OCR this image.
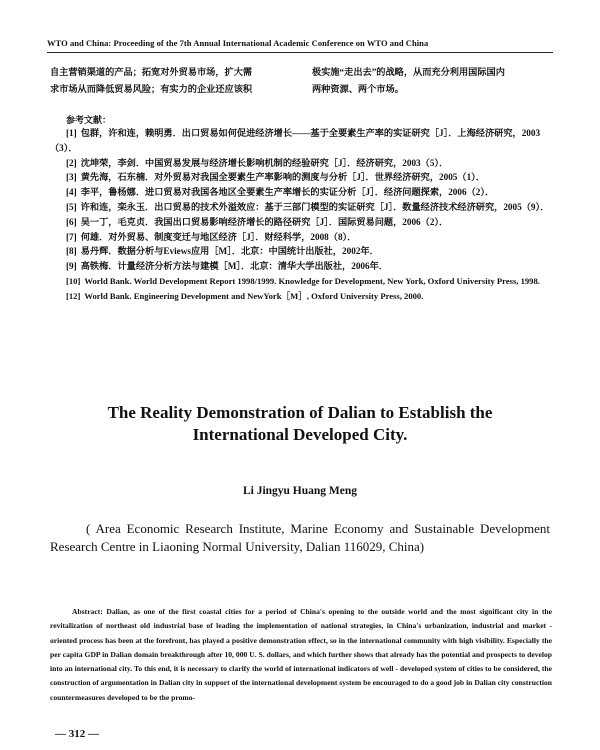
WTO and China: Proceeding of the 7th Annual International Academic Conference on WTO and China
自主营销渠道的产品；拓宽对外贸易市场，扩大需
求市场从而降低贸易风险；有实力的企业还应该积
极实施“走出去”的战略，从而充分利用国际国内
两种资源、两个市场。
参考文献：
[1] 包群，许和连，赖明勇．出口贸易如何促进经济增长——基于全要素生产率的实证研究［J］．上海经济研究，2003（3）．
[2] 沈坤荣，李剑．中国贸易发展与经济增长影响机制的经验研究［J］．经济研究，2003（5）．
[3] 黄先海，石东楠．对外贸易对我国全要素生产率影响的测度与分析［J］．世界经济研究，2005（1）．
[4] 李平，鲁杨娜．进口贸易对我国各地区全要素生产率增长的实证分析［J］．经济问题探索，2006（2）．
[5] 许和连，栾永玉．出口贸易的技术外溢效应：基于三部门模型的实证研究［J］．数量经济技术经济研究，2005（9）．
[6] 吴一丁，毛克贞．我国出口贸易影响经济增长的路径研究［J］．国际贸易问题，2006（2）．
[7] 何雄．对外贸易、制度变迁与地区经济［J］．财经科学，2008（8）．
[8] 易丹辉．数据分析与Eviews应用［M］．北京：中国统计出版社，2002年．
[9] 高铁梅．计量经济分析方法与建模［M］．北京：清华大学出版社，2006年．
[10] World Bank. World Development Report 1998/1999. Knowledge for Development, New York, Oxford University Press, 1998.
[12] World Bank. Engineering Development and NewYork［M］, Oxford University Press, 2000.
The Reality Demonstration of Dalian to Establish the
International Developed City.
Li Jingyu Huang Meng
( Area Economic Research Institute, Marine Economy and Sustainable Development Research Centre in Liaoning Normal University, Dalian 116029, China)
Abstract: Dalian, as one of the first coastal cities for a period of China's opening to the outside world and the most significant city in the revitalization of northeast old industrial base of leading the implementation of national strategies, in China's urbanization, industrial and market - oriented process has been at the forefront, has played a positive demonstration effect, so in the international community with high visibility. Especially the per capita GDP in Dalian domain breakthrough after 10, 000 U. S. dollars, and which further shows that already has the potential and prospects to develop into an international city. To this end, it is necessary to clarify the world of international indicators of well - developed system of cities to be considered, the construction of argumentation in Dalian city in support of the international development system be encouraged to do a good job in Dalian city construction countermeasures developed to be the promo-
— 312 —
